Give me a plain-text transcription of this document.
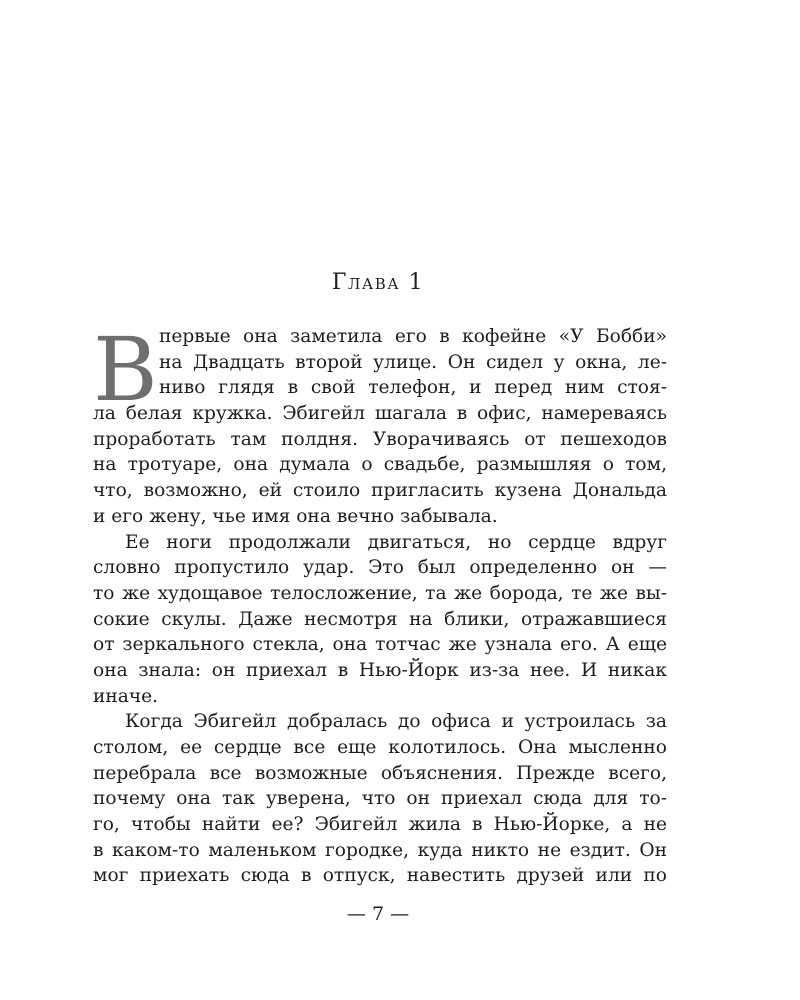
Глава 1
В первые она заметила его в кофейне «У Бобби»
на Двадцать второй улице. Он сидел у окна, ле-
ниво глядя в свой телефон, и перед ним стоя-
ла белая кружка. Эбигейл шагала в офис, намереваясь
проработать там полдня. Уворачиваясь от пешеходов
на тротуаре, она думала о свадьбе, размышляя о том,
что, возможно, ей стоило пригласить кузена Дональда
и его жену, чье имя она вечно забывала.
Ее ноги продолжали двигаться, но сердце вдруг
словно пропустило удар. Это был определенно он —
то же худощавое телосложение, та же борода, те же вы-
сокие скулы. Даже несмотря на блики, отражавшиеся
от зеркального стекла, она тотчас же узнала его. А еще
она знала: он приехал в Нью-Йорк из-за нее. И никак
иначе.
Когда Эбигейл добралась до офиса и устроилась за
столом, ее сердце все еще колотилось. Она мысленно
перебрала все возможные объяснения. Прежде всего,
почему она так уверена, что он приехал сюда для то-
го, чтобы найти ее? Эбигейл жила в Нью-Йорке, а не
в каком-то маленьком городке, куда никто не ездит. Он
мог приехать сюда в отпуск, навестить друзей или по
— 7 —
